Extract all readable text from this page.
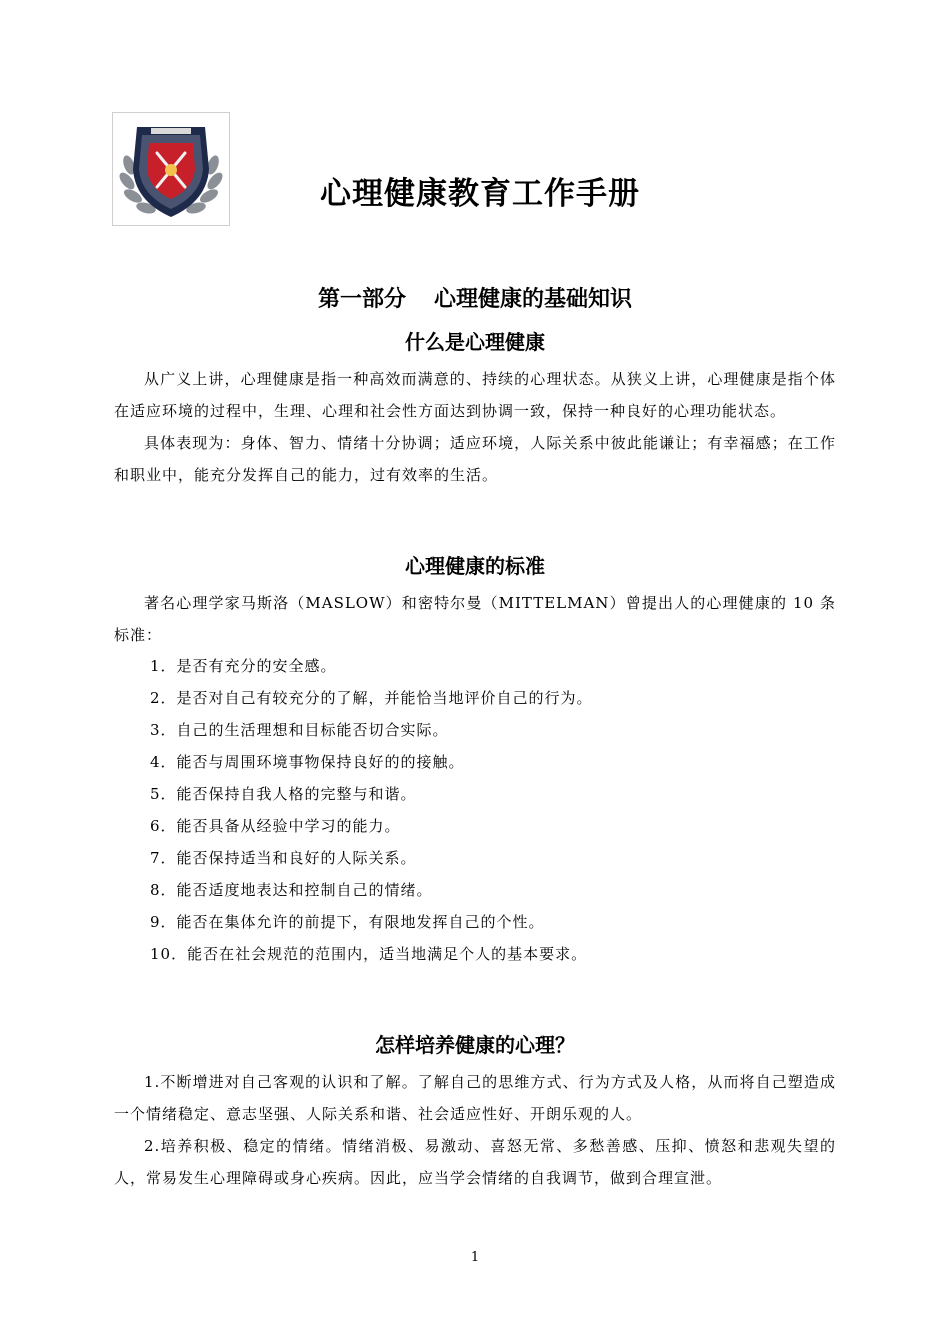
心理健康教育工作手册
第一部分 心理健康的基础知识
什么是心理健康

从广义上讲，心理健康是指一种高效而满意的、持续的心理状态。从狭义上讲，心理健康是指个体在适应环境的过程中，生理、心理和社会性方面达到协调一致，保持一种良好的心理功能状态。

具体表现为：身体、智力、情绪十分协调；适应环境，人际关系中彼此能谦让；有幸福感；在工作和职业中，能充分发挥自己的能力，过有效率的生活。

心理健康的标准

著名心理学家马斯洛（MASLOW）和密特尔曼（MITTELMAN）曾提出人的心理健康的 10 条标准：

1．是否有充分的安全感。
2．是否对自己有较充分的了解，并能恰当地评价自己的行为。
3．自己的生活理想和目标能否切合实际。
4．能否与周围环境事物保持良好的的接触。
5．能否保持自我人格的完整与和谐。
6．能否具备从经验中学习的能力。
7．能否保持适当和良好的人际关系。
8．能否适度地表达和控制自己的情绪。
9．能否在集体允许的前提下，有限地发挥自己的个性。
10．能否在社会规范的范围内，适当地满足个人的基本要求。
怎样培养健康的心理？

1.不断增进对自己客观的认识和了解。了解自己的思维方式、行为方式及人格，从而将自己塑造成一个情绪稳定、意志坚强、人际关系和谐、社会适应性好、开朗乐观的人。

2.培养积极、稳定的情绪。情绪消极、易激动、喜怒无常、多愁善感、压抑、愤怒和悲观失望的人，常易发生心理障碍或身心疾病。因此，应当学会情绪的自我调节，做到合理宣泄。

1
